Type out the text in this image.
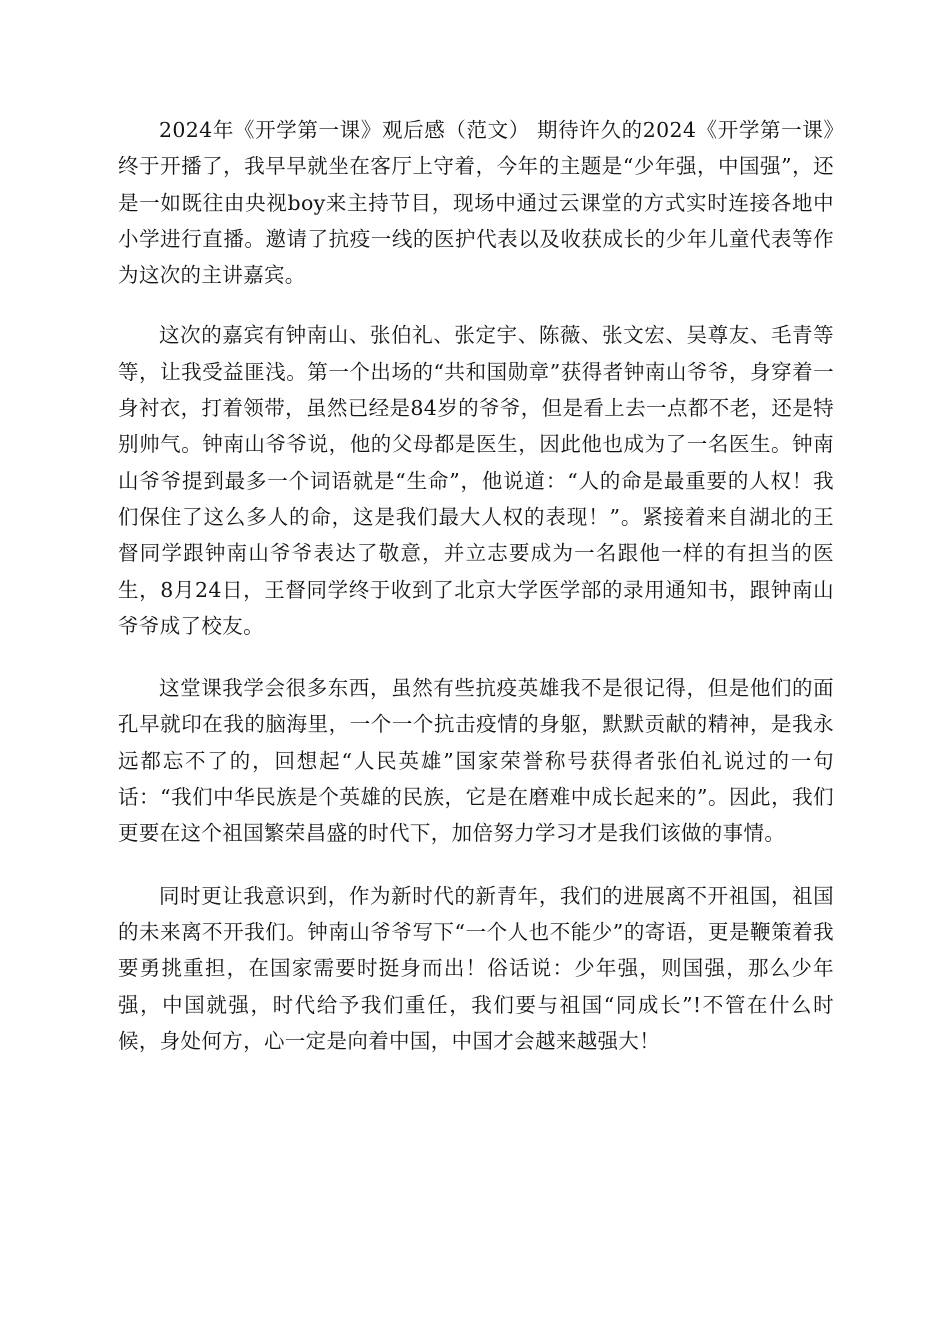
2024年《开学第一课》观后感（范文） 期待许久的2024《开学第一课》终于开播了，我早早就坐在客厅上守着，今年的主题是“少年强，中国强”，还是一如既往由央视boy来主持节目，现场中通过云课堂的方式实时连接各地中小学进行直播。邀请了抗疫一线的医护代表以及收获成长的少年儿童代表等作为这次的主讲嘉宾。

这次的嘉宾有钟南山、张伯礼、张定宇、陈薇、张文宏、吴尊友、毛青等等，让我受益匪浅。第一个出场的“共和国勋章”获得者钟南山爷爷，身穿着一身衬衣，打着领带，虽然已经是84岁的爷爷，但是看上去一点都不老，还是特别帅气。钟南山爷爷说，他的父母都是医生，因此他也成为了一名医生。钟南山爷爷提到最多一个词语就是“生命”，他说道：“人的命是最重要的人权！我们保住了这么多人的命，这是我们最大人权的表现！”。紧接着来自湖北的王督同学跟钟南山爷爷表达了敬意，并立志要成为一名跟他一样的有担当的医生，8月24日，王督同学终于收到了北京大学医学部的录用通知书，跟钟南山爷爷成了校友。

这堂课我学会很多东西，虽然有些抗疫英雄我不是很记得，但是他们的面孔早就印在我的脑海里，一个一个抗击疫情的身躯，默默贡献的精神，是我永远都忘不了的，回想起“人民英雄”国家荣誉称号获得者张伯礼说过的一句话：“我们中华民族是个英雄的民族，它是在磨难中成长起来的”。因此，我们更要在这个祖国繁荣昌盛的时代下，加倍努力学习才是我们该做的事情。

同时更让我意识到，作为新时代的新青年，我们的进展离不开祖国，祖国的未来离不开我们。钟南山爷爷写下“一个人也不能少”的寄语，更是鞭策着我要勇挑重担，在国家需要时挺身而出！俗话说：少年强，则国强，那么少年强，中国就强，时代给予我们重任，我们要与祖国“同成长”!不管在什么时候，身处何方，心一定是向着中国，中国才会越来越强大！
